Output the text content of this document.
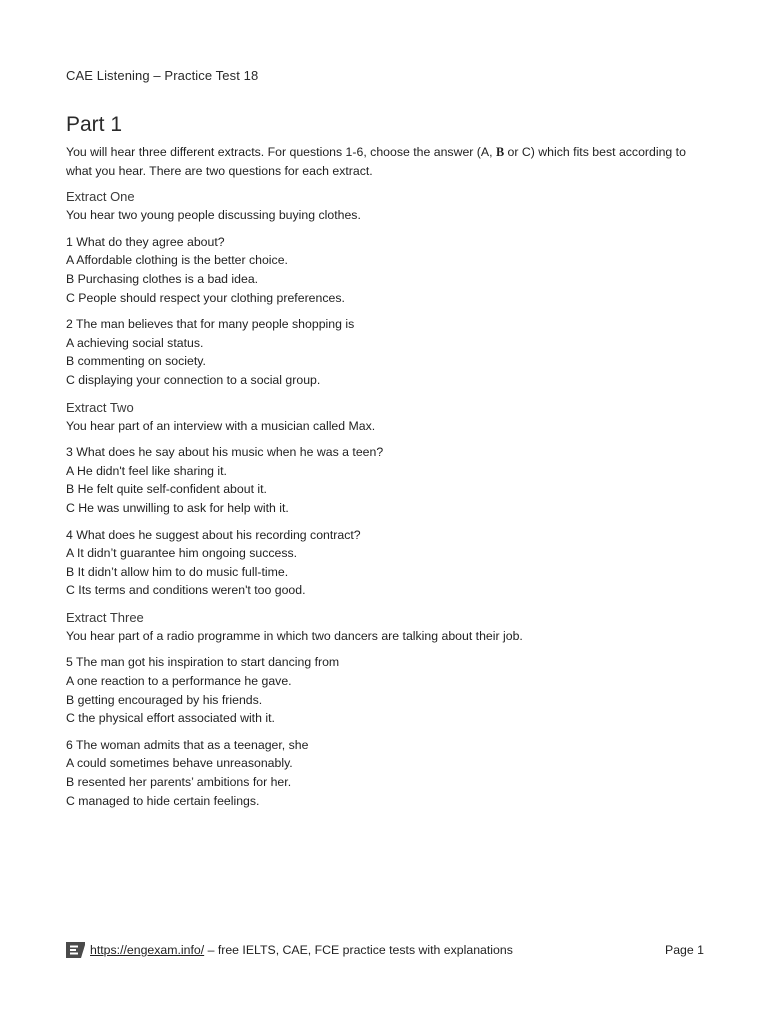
CAE Listening – Practice Test 18
Part 1

You will hear three different extracts. For questions 1-6, choose the answer (A, B or C) which fits best according to what you hear. There are two questions for each extract.

Extract One

You hear two young people discussing buying clothes.

1 What do they agree about?
A Affordable clothing is the better choice.
B Purchasing clothes is a bad idea.
C People should respect your clothing preferences.
2 The man believes that for many people shopping is
A achieving social status.
B commenting on society.
C displaying your connection to a social group.

Extract Two

You hear part of an interview with a musician called Max.

3 What does he say about his music when he was a teen?
A He didn't feel like sharing it.
B He felt quite self-confident about it.
C He was unwilling to ask for help with it.
4 What does he suggest about his recording contract?
A It didn’t guarantee him ongoing success.
B It didn’t allow him to do music full-time.
C Its terms and conditions weren't too good.

Extract Three

You hear part of a radio programme in which two dancers are talking about their job.

5 The man got his inspiration to start dancing from
A one reaction to a performance he gave.
B getting encouraged by his friends.
C the physical effort associated with it.
6 The woman admits that as a teenager, she
A could sometimes behave unreasonably.
B resented her parents’ ambitions for her.
C managed to hide certain feelings.
https://engexam.info/ – free IELTS, CAE, FCE practice tests with explanations	Page 1
